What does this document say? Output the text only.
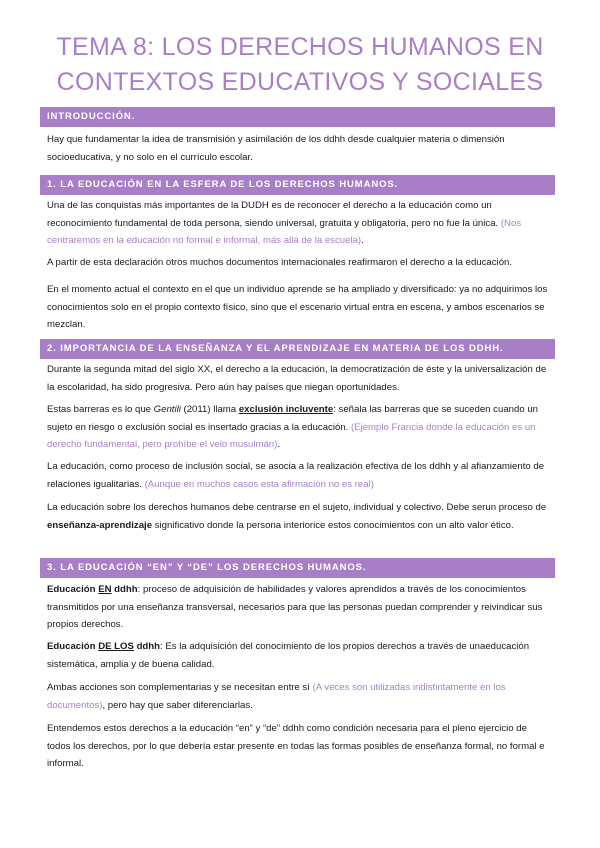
TEMA 8: LOS DERECHOS HUMANOS EN
CONTEXTOS EDUCATIVOS Y SOCIALES
INTRODUCCIÓN.
Hay que fundamentar la idea de transmisión y asimilación de los ddhh desde cualquier materia o dimensión socioeducativa, y no solo en el currículo escolar.
1. LA EDUCACIÓN EN LA ESFERA DE LOS DERECHOS HUMANOS.
Una de las conquistas más importantes de la DUDH es de reconocer el derecho a la educación como un reconocimiento fundamental de toda persona, siendo universal, gratuita y obligatoria, pero no fue la única. (Nos centraremos en la educación no formal e informal, más allá de la escuela).
A partir de esta declaración otros muchos documentos internacionales reafirmaron el derecho a la educación.
En el momento actual el contexto en el que un individuo aprende se ha ampliado y diversificado: ya no adquirimos los conocimientos solo en el propio contexto físico, sino que el escenario virtual entra en escena, y ambos escenarios se mezclan.
2. IMPORTANCIA DE LA ENSEÑANZA Y EL APRENDIZAJE EN MATERIA DE LOS DDHH.
Durante la segunda mitad del siglo XX, el derecho a la educación, la democratización de éste y la universalización de la escolaridad, ha sido progresiva. Pero aún hay países que niegan oportunidades.
Estas barreras es lo que Gentili (2011) llama exclusión incluvente: señala las barreras que se suceden cuando un sujeto en riesgo o exclusión social es insertado gracias a la educación. (Ejemplo Francia donde la educación es un derecho fundamental, pero prohíbe el velo musulmán).
La educación, como proceso de inclusión social, se asocia a la realización efectiva de los ddhh y al afianzamiento de relaciones igualitarias. (Aunque en muchos casos esta afirmación no es real)
La educación sobre los derechos humanos debe centrarse en el sujeto, individual y colectivo. Debe serun proceso de enseñanza-aprendizaje significativo donde la persona interiorice estos conocimientos con un alto valor ético.
3. LA EDUCACIÓN “EN” Y “DE” LOS DERECHOS HUMANOS.
Educación EN ddhh: proceso de adquisición de habilidades y valores aprendidos a través de los conocimientos transmitidos por una enseñanza transversal, necesarios para que las personas puedan comprender y reivindicar sus propios derechos.
Educación DE LOS ddhh: Es la adquisición del conocimiento de los propios derechos a través de unaeducación sistemática, amplia y de buena calidad.
Ambas acciones son complementarias y se necesitan entre sí (A veces son utilizadas indistintamente en los documentos), pero hay que saber diferenciarlas.
Entendemos estos derechos a la educación “en” y “de” ddhh como condición necesaria para el pleno ejercicio de todos los derechos, por lo que debería estar presente en todas las formas posibles de enseñanza formal, no formal e informal.
